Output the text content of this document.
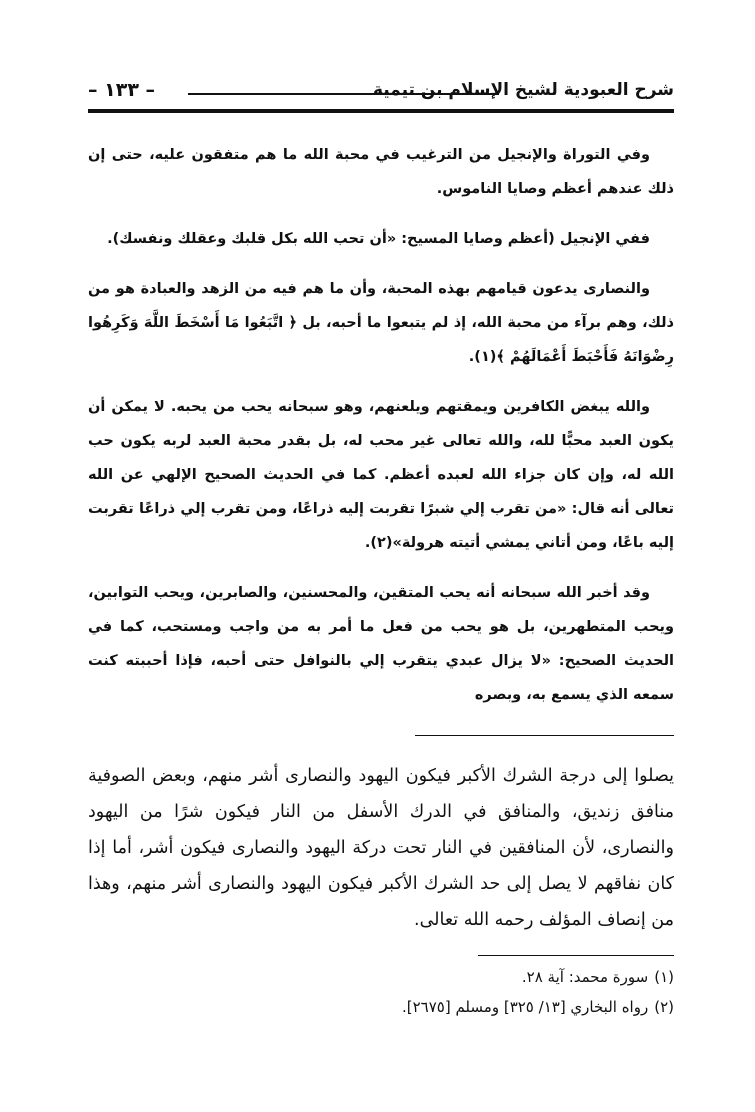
شرح العبودية لشيخ الإسلام بن تيمية
– ١٣٣ –

وفي التوراة والإنجيل من الترغيب في محبة الله ما هم متفقون عليه، حتى إن ذلك عندهم أعظم وصايا الناموس.

ففي الإنجيل (أعظم وصايا المسيح: «أن تحب الله بكل قلبك وعقلك ونفسك).

والنصارى يدعون قيامهم بهذه المحبة، وأن ما هم فيه من الزهد والعبادة هو من ذلك، وهم برآء من محبة الله، إذ لم يتبعوا ما أحبه، بل ﴿ اتَّبَعُوا مَا أَسْخَطَ اللَّهَ وَكَرِهُوا رِضْوَانَهُ فَأَحْبَطَ أَعْمَالَهُمْ ﴾(١).

والله يبغض الكافرين ويمقتهم ويلعنهم، وهو سبحانه يحب من يحبه. لا يمكن أن يكون العبد محبًّا لله، والله تعالى غير محب له، بل بقدر محبة العبد لربه يكون حب الله له، وإن كان جزاء الله لعبده أعظم. كما في الحديث الصحيح الإلهي عن الله تعالى أنه قال: «من تقرب إلي شبرًا تقربت إليه ذراعًا، ومن تقرب إلي ذراعًا تقربت إليه باعًا، ومن أتاني يمشي أتيته هرولة»(٢).

وقد أخبر الله سبحانه أنه يحب المتقين، والمحسنين، والصابرين، ويحب التوابين، ويحب المتطهرين، بل هو يحب من فعل ما أمر به من واجب ومستحب، كما في الحديث الصحيح: «لا يزال عبدي يتقرب إلي بالنوافل حتى أحبه، فإذا أحببته كنت سمعه الذي يسمع به، وبصره

يصلوا إلى درجة الشرك الأكبر فيكون اليهود والنصارى أشر منهم، وبعض الصوفية منافق زنديق، والمنافق في الدرك الأسفل من النار فيكون شرًا من اليهود والنصارى، لأن المنافقين في النار تحت دركة اليهود والنصارى فيكون أشر، أما إذا كان نفاقهم لا يصل إلى حد الشرك الأكبر فيكون اليهود والنصارى أشر منهم، وهذا من إنصاف المؤلف رحمه الله تعالى.

(١)سورة محمد: آية ٢٨.

(٢)رواه البخاري [١٣/ ٣٢٥] ومسلم [٢٦٧٥].
